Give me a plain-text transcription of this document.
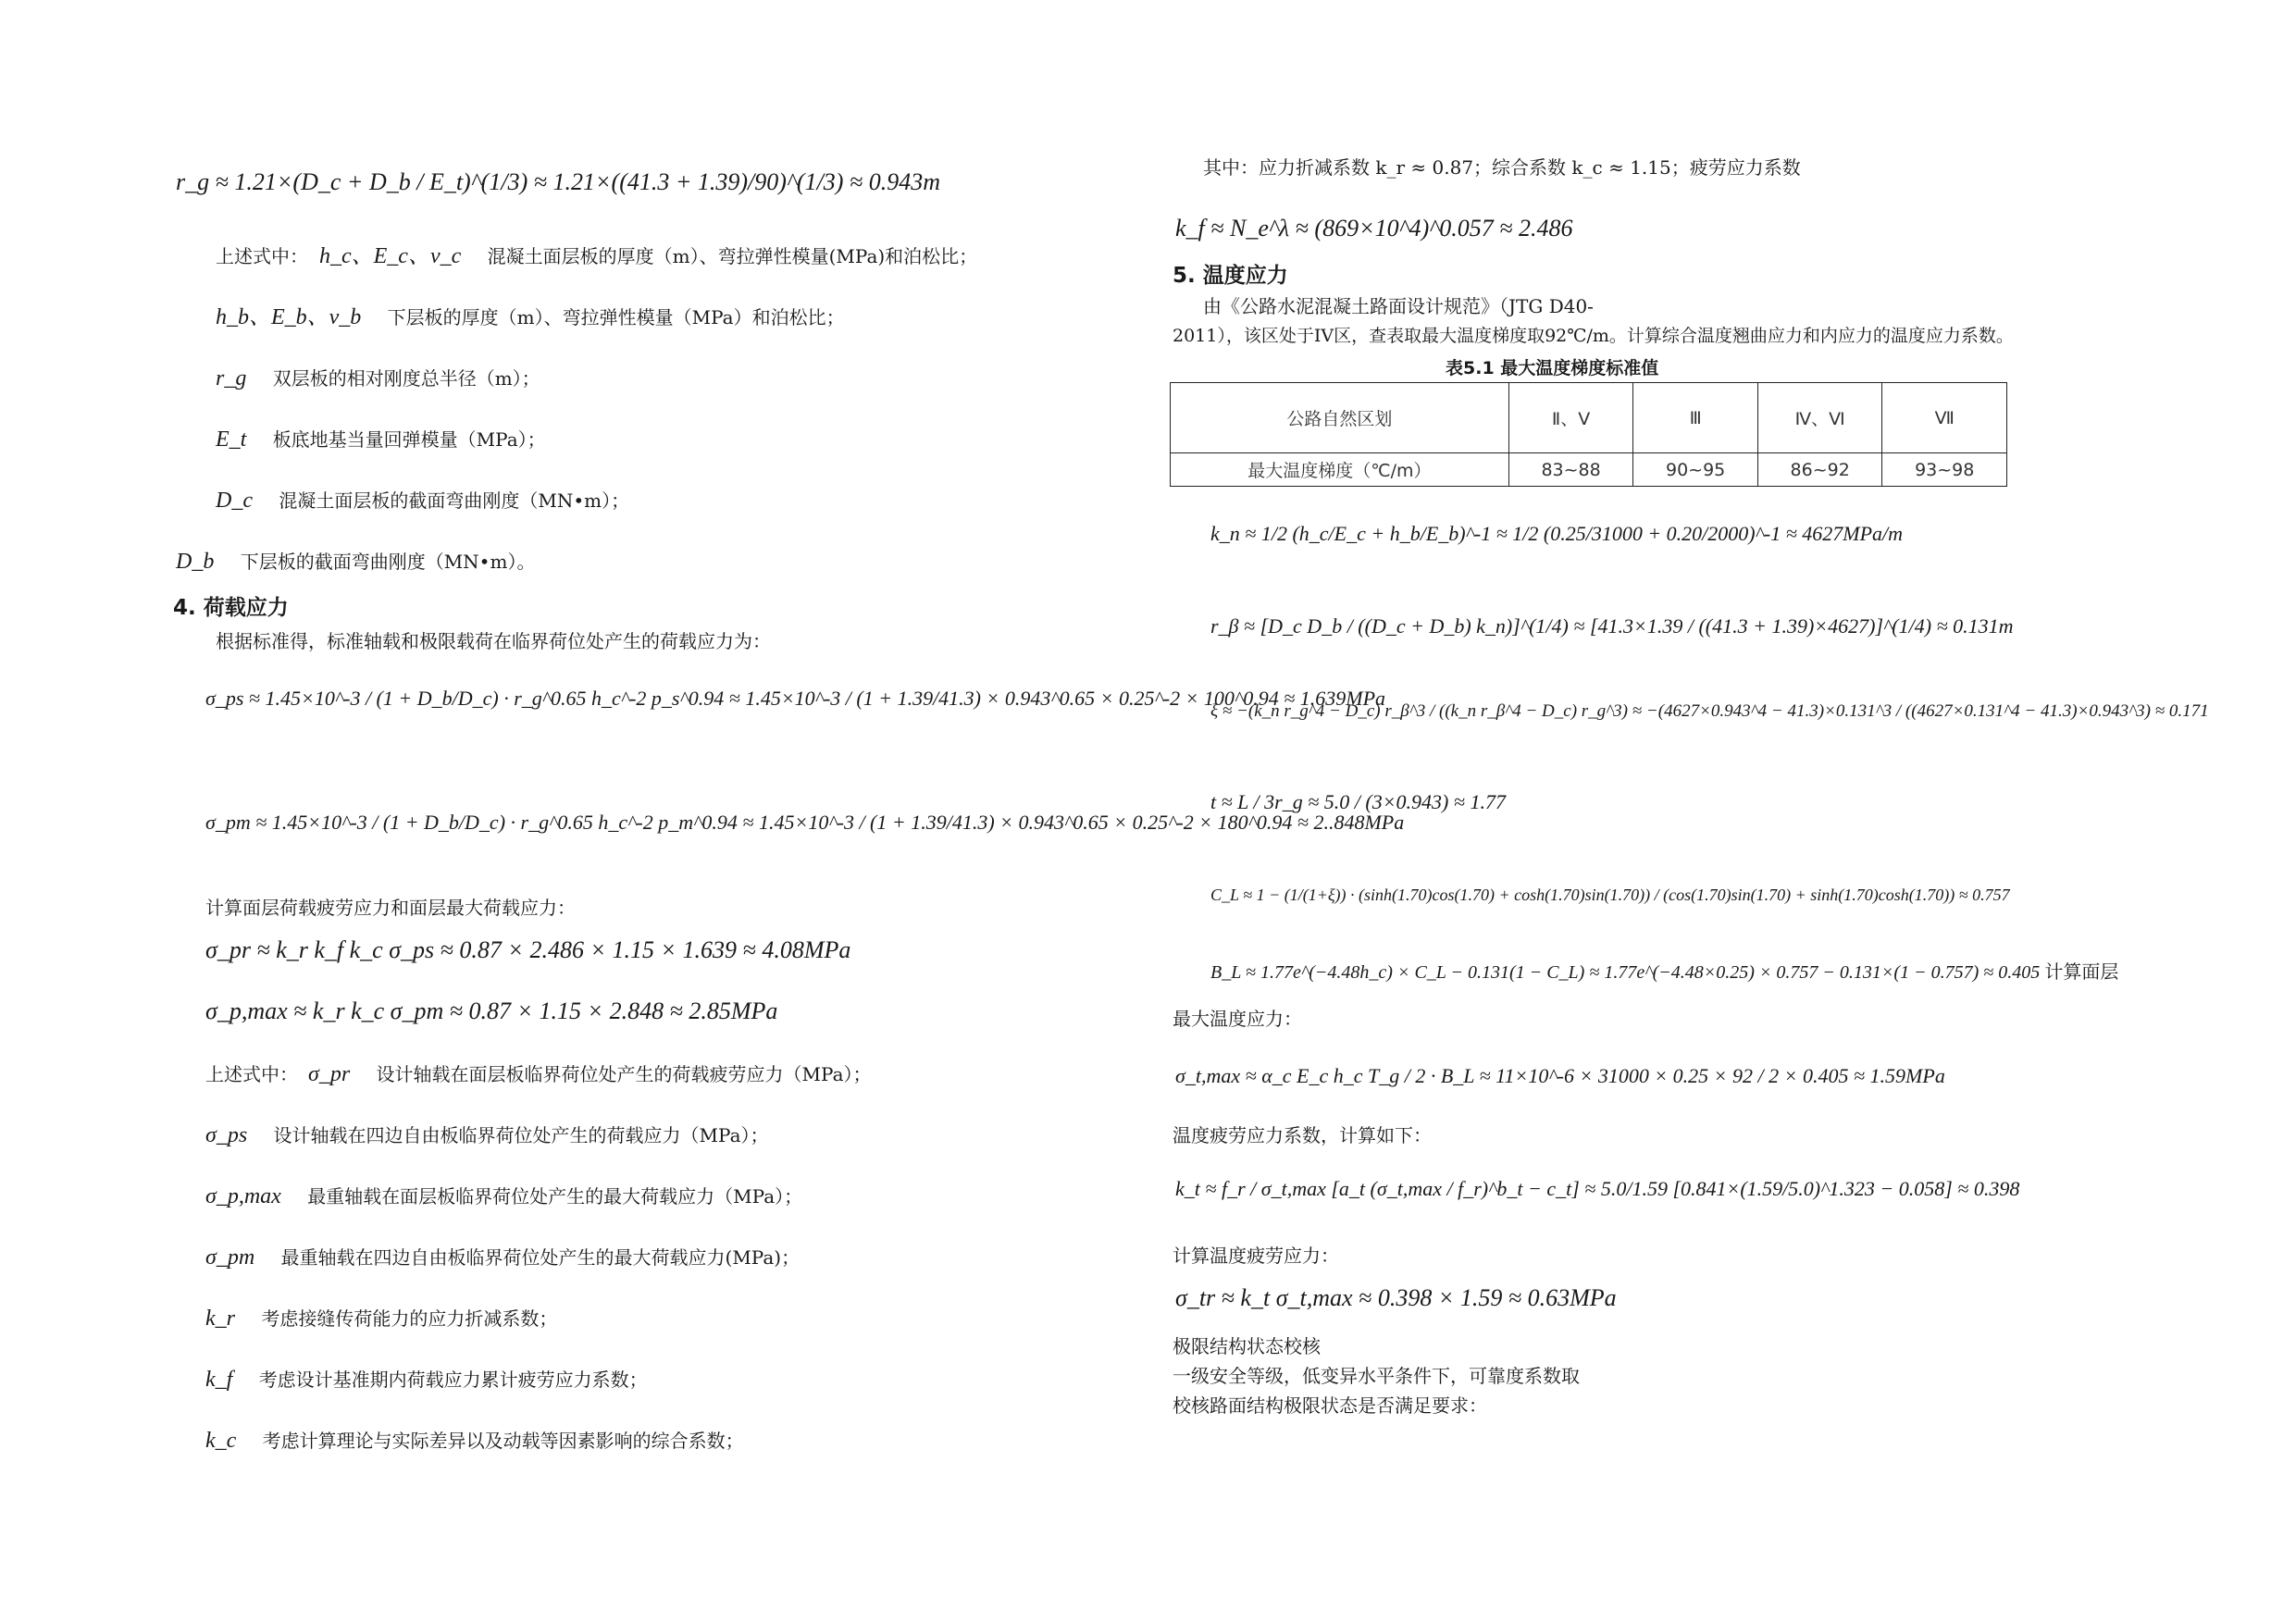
r_g ≈ 1.21×(D_c + D_b / E_t)^(1/3) ≈ 1.21×((41.3 + 1.39)/90)^(1/3) ≈ 0.943m
上述式中： h_c、E_c、v_c 混凝土面层板的厚度（m）、弯拉弹性模量(MPa)和泊松比；
h_b、E_b、v_b 下层板的厚度（m）、弯拉弹性模量（MPa）和泊松比；
r_g 双层板的相对刚度总半径（m）；
E_t 板底地基当量回弹模量（MPa）；
D_c 混凝土面层板的截面弯曲刚度（MN•m）；
D_b 下层板的截面弯曲刚度（MN•m）。
4. 荷载应力
根据标准得，标准轴载和极限载荷在临界荷位处产生的荷载应力为：
σ_ps ≈ 1.45×10^-3 / (1 + D_b/D_c) · r_g^0.65 h_c^-2 p_s^0.94 ≈ 1.45×10^-3 / (1 + 1.39/41.3) × 0.943^0.65 × 0.25^-2 × 100^0.94 ≈ 1.639MPa
σ_pm ≈ 1.45×10^-3 / (1 + D_b/D_c) · r_g^0.65 h_c^-2 p_m^0.94 ≈ 1.45×10^-3 / (1 + 1.39/41.3) × 0.943^0.65 × 0.25^-2 × 180^0.94 ≈ 2..848MPa
计算面层荷载疲劳应力和面层最大荷载应力：
σ_pr ≈ k_r k_f k_c σ_ps ≈ 0.87 × 2.486 × 1.15 × 1.639 ≈ 4.08MPa
σ_p,max ≈ k_r k_c σ_pm ≈ 0.87 × 1.15 × 2.848 ≈ 2.85MPa
上述式中： σ_pr 设计轴载在面层板临界荷位处产生的荷载疲劳应力（MPa）；
σ_ps 设计轴载在四边自由板临界荷位处产生的荷载应力（MPa）；
σ_p,max 最重轴载在面层板临界荷位处产生的最大荷载应力（MPa）；
σ_pm 最重轴载在四边自由板临界荷位处产生的最大荷载应力(MPa)；
k_r 考虑接缝传荷能力的应力折减系数；
k_f 考虑设计基准期内荷载应力累计疲劳应力系数；
k_c 考虑计算理论与实际差异以及动载等因素影响的综合系数；
其中：应力折减系数 k_r ≈ 0.87；综合系数 k_c ≈ 1.15；疲劳应力系数
k_f ≈ N_e^λ ≈ (869×10^4)^0.057 ≈ 2.486
5. 温度应力
由《公路水泥混凝土路面设计规范》（JTG D40-
2011），该区处于IV区，查表取最大温度梯度取92℃/m。计算综合温度翘曲应力和内应力的温度应力系数。
表5.1 最大温度梯度标准值
公路自然区划	Ⅱ、Ⅴ	Ⅲ	Ⅳ、Ⅵ	Ⅶ
最大温度梯度（℃/m）	83~88	90~95	86~92	93~98
k_n ≈ 1/2 (h_c/E_c + h_b/E_b)^-1 ≈ 1/2 (0.25/31000 + 0.20/2000)^-1 ≈ 4627MPa/m
r_β ≈ [D_c D_b / ((D_c + D_b) k_n)]^(1/4) ≈ [41.3×1.39 / ((41.3 + 1.39)×4627)]^(1/4) ≈ 0.131m
ξ ≈ −(k_n r_g^4 − D_c) r_β^3 / ((k_n r_β^4 − D_c) r_g^3) ≈ −(4627×0.943^4 − 41.3)×0.131^3 / ((4627×0.131^4 − 41.3)×0.943^3) ≈ 0.171
t ≈ L / 3r_g ≈ 5.0 / (3×0.943) ≈ 1.77
C_L ≈ 1 − (1/(1+ξ)) · (sinh(1.70)cos(1.70) + cosh(1.70)sin(1.70)) / (cos(1.70)sin(1.70) + sinh(1.70)cosh(1.70)) ≈ 0.757
B_L ≈ 1.77e^(−4.48h_c) × C_L − 0.131(1 − C_L) ≈ 1.77e^(−4.48×0.25) × 0.757 − 0.131×(1 − 0.757) ≈ 0.405 计算面层
最大温度应力：
σ_t,max ≈ α_c E_c h_c T_g / 2 · B_L ≈ 11×10^-6 × 31000 × 0.25 × 92 / 2 × 0.405 ≈ 1.59MPa
温度疲劳应力系数，计算如下：
k_t ≈ f_r / σ_t,max [a_t (σ_t,max / f_r)^b_t − c_t] ≈ 5.0/1.59 [0.841×(1.59/5.0)^1.323 − 0.058] ≈ 0.398
计算温度疲劳应力：
σ_tr ≈ k_t σ_t,max ≈ 0.398 × 1.59 ≈ 0.63MPa
极限结构状态校核
一级安全等级，低变异水平条件下，可靠度系数取
校核路面结构极限状态是否满足要求：
